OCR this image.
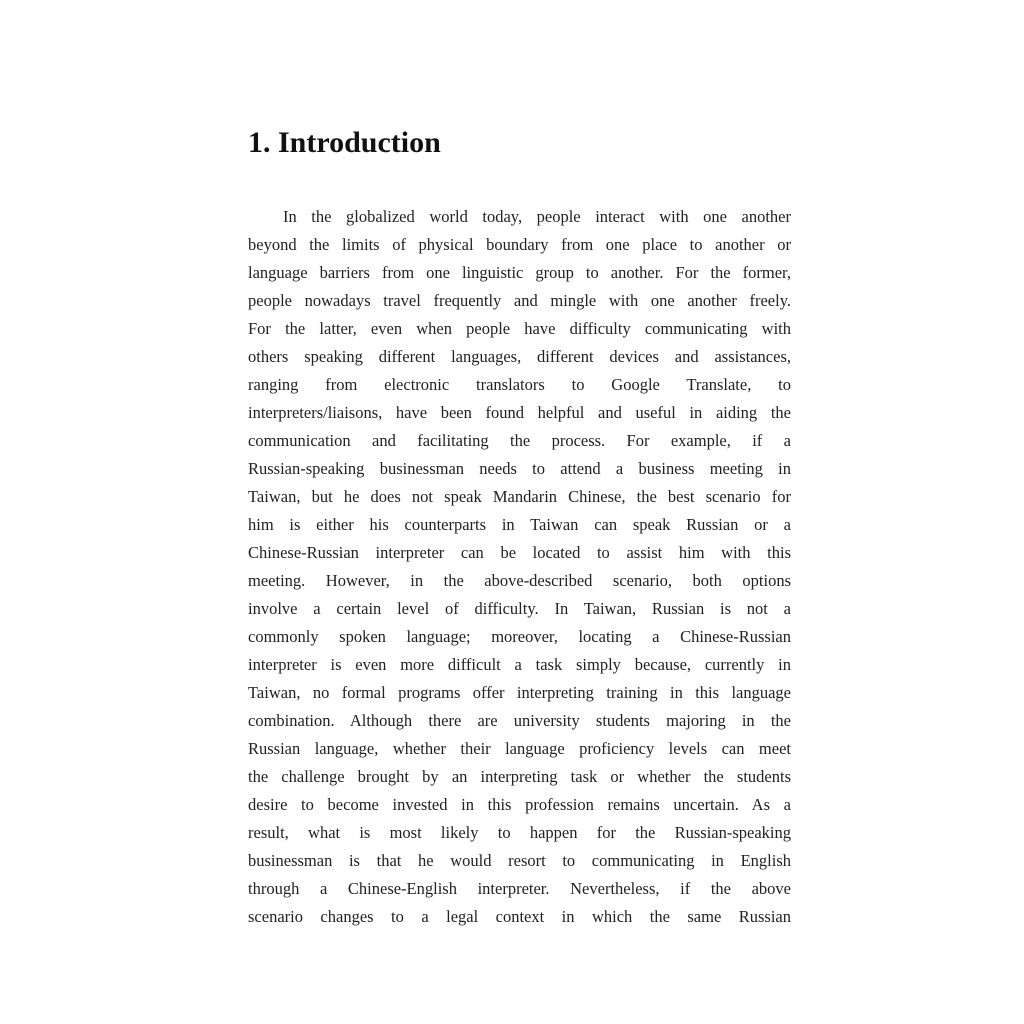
1. Introduction
In the globalized world today, people interact with one another
beyond the limits of physical boundary from one place to another or
language barriers from one linguistic group to another. For the former,
people nowadays travel frequently and mingle with one another freely.
For the latter, even when people have difficulty communicating with
others speaking different languages, different devices and assistances,
ranging from electronic translators to Google Translate, to
interpreters/liaisons, have been found helpful and useful in aiding the
communication and facilitating the process. For example, if a
Russian-speaking businessman needs to attend a business meeting in
Taiwan, but he does not speak Mandarin Chinese, the best scenario for
him is either his counterparts in Taiwan can speak Russian or a
Chinese-Russian interpreter can be located to assist him with this
meeting. However, in the above-described scenario, both options
involve a certain level of difficulty. In Taiwan, Russian is not a
commonly spoken language; moreover, locating a Chinese-Russian
interpreter is even more difficult a task simply because, currently in
Taiwan, no formal programs offer interpreting training in this language
combination. Although there are university students majoring in the
Russian language, whether their language proficiency levels can meet
the challenge brought by an interpreting task or whether the students
desire to become invested in this profession remains uncertain. As a
result, what is most likely to happen for the Russian-speaking
businessman is that he would resort to communicating in English
through a Chinese-English interpreter. Nevertheless, if the above
scenario changes to a legal context in which the same Russian
